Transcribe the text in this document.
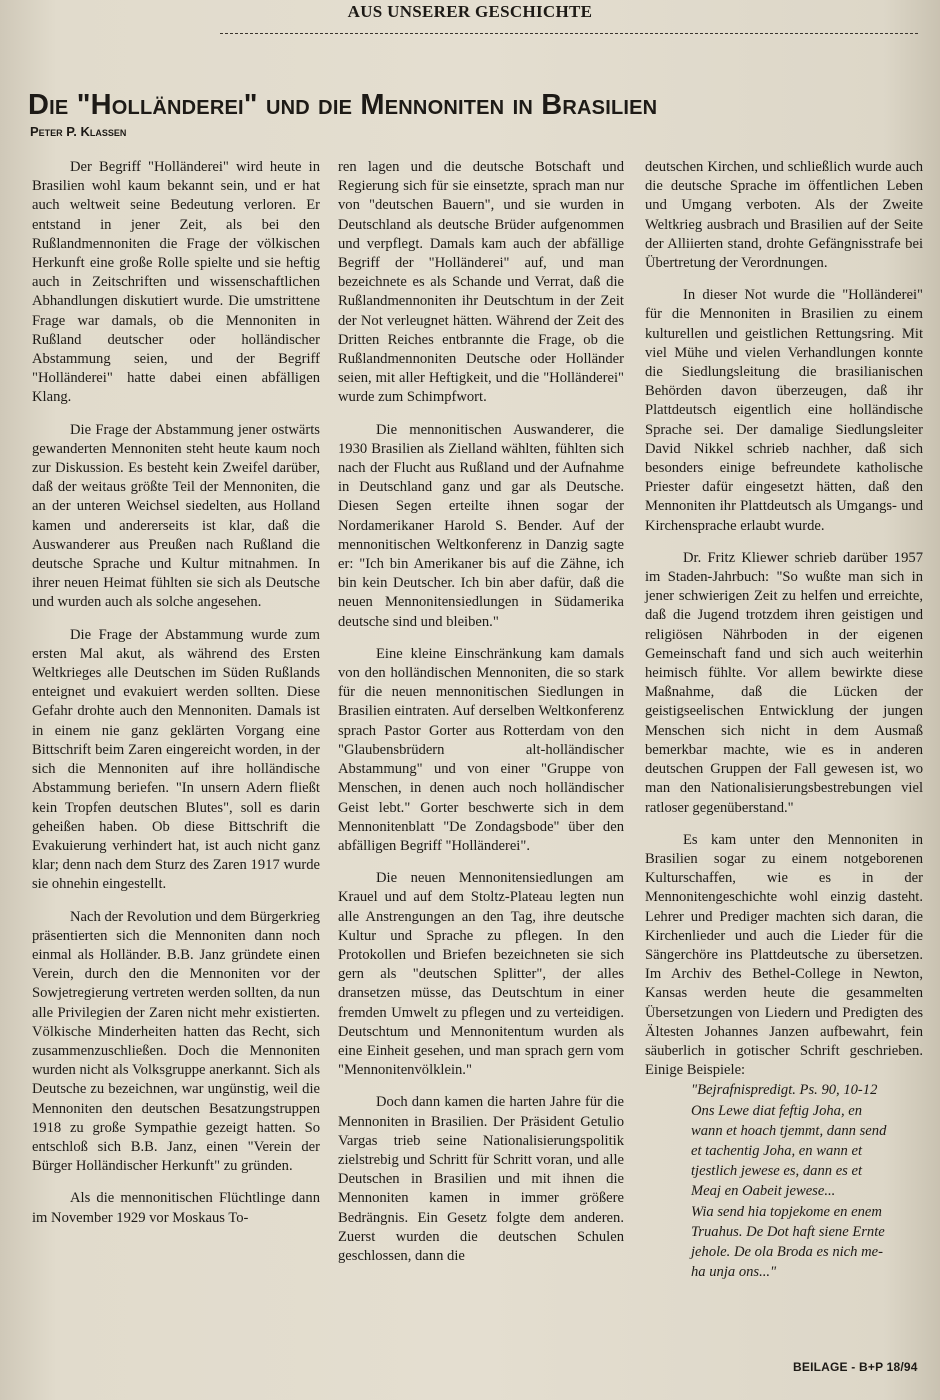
AUS UNSERER GESCHICHTE
Die "Holländerei" und die Mennoniten in Brasilien
Peter P. Klassen

Der Begriff "Holländerei" wird heute in Brasilien wohl kaum bekannt sein, und er hat auch weltweit seine Bedeutung verloren. Er entstand in jener Zeit, als bei den Rußlandmennoniten die Frage der völkischen Herkunft eine große Rolle spielte und sie heftig auch in Zeitschriften und wissenschaftlichen Abhandlungen diskutiert wurde. Die umstrittene Frage war damals, ob die Mennoniten in Rußland deutscher oder holländischer Abstammung seien, und der Begriff "Holländerei" hatte dabei einen abfälligen Klang.

Die Frage der Abstammung jener ostwärts gewanderten Mennoniten steht heute kaum noch zur Diskussion. Es besteht kein Zweifel darüber, daß der weitaus größte Teil der Mennoniten, die an der unteren Weichsel siedelten, aus Holland kamen und andererseits ist klar, daß die Auswanderer aus Preußen nach Rußland die deutsche Sprache und Kultur mitnahmen. In ihrer neuen Heimat fühlten sie sich als Deutsche und wurden auch als solche angesehen.

Die Frage der Abstammung wurde zum ersten Mal akut, als während des Ersten Weltkrieges alle Deutschen im Süden Rußlands enteignet und evakuiert werden sollten. Diese Gefahr drohte auch den Mennoniten. Damals ist in einem nie ganz geklärten Vorgang eine Bittschrift beim Zaren eingereicht worden, in der sich die Mennoniten auf ihre holländische Abstammung beriefen. "In unsern Adern fließt kein Tropfen deutschen Blutes", soll es darin geheißen haben. Ob diese Bittschrift die Evakuierung verhindert hat, ist auch nicht ganz klar; denn nach dem Sturz des Zaren 1917 wurde sie ohnehin eingestellt.

Nach der Revolution und dem Bürgerkrieg präsentierten sich die Mennoniten dann noch einmal als Holländer. B.B. Janz gründete einen Verein, durch den die Mennoniten vor der Sowjetregierung vertreten werden sollten, da nun alle Privilegien der Zaren nicht mehr existierten. Völkische Minderheiten hatten das Recht, sich zusammenzuschließen. Doch die Mennoniten wurden nicht als Volksgruppe anerkannt. Sich als Deutsche zu bezeichnen, war ungünstig, weil die Mennoniten den deutschen Besatzungstruppen 1918 zu große Sympathie gezeigt hatten. So entschloß sich B.B. Janz, einen "Verein der Bürger Holländischer Herkunft" zu gründen.

Als die mennonitischen Flüchtlinge dann im November 1929 vor Moskaus To-

ren lagen und die deutsche Botschaft und Regierung sich für sie einsetzte, sprach man nur von "deutschen Bauern", und sie wurden in Deutschland als deutsche Brüder aufgenommen und verpflegt. Damals kam auch der abfällige Begriff der "Holländerei" auf, und man bezeichnete es als Schande und Verrat, daß die Rußlandmennoniten ihr Deutschtum in der Zeit der Not verleugnet hätten. Während der Zeit des Dritten Reiches entbrannte die Frage, ob die Rußlandmennoniten Deutsche oder Holländer seien, mit aller Heftigkeit, und die "Holländerei" wurde zum Schimpfwort.

Die mennonitischen Auswanderer, die 1930 Brasilien als Zielland wählten, fühlten sich nach der Flucht aus Rußland und der Aufnahme in Deutschland ganz und gar als Deutsche. Diesen Segen erteilte ihnen sogar der Nordamerikaner Harold S. Bender. Auf der mennonitischen Weltkonferenz in Danzig sagte er: "Ich bin Amerikaner bis auf die Zähne, ich bin kein Deutscher. Ich bin aber dafür, daß die neuen Mennonitensiedlungen in Südamerika deutsche sind und bleiben."

Eine kleine Einschränkung kam damals von den holländischen Mennoniten, die so stark für die neuen mennonitischen Siedlungen in Brasilien eintraten. Auf derselben Weltkonferenz sprach Pastor Gorter aus Rotterdam von den "Glaubensbrüdern alt-holländischer Abstammung" und von einer "Gruppe von Menschen, in denen auch noch holländischer Geist lebt." Gorter beschwerte sich in dem Mennonitenblatt "De Zondagsbode" über den abfälligen Begriff "Holländerei".

Die neuen Mennonitensiedlungen am Krauel und auf dem Stoltz-Plateau legten nun alle Anstrengungen an den Tag, ihre deutsche Kultur und Sprache zu pflegen. In den Protokollen und Briefen bezeichneten sie sich gern als "deutschen Splitter", der alles dransetzen müsse, das Deutschtum in einer fremden Umwelt zu pflegen und zu verteidigen. Deutschtum und Mennonitentum wurden als eine Einheit gesehen, und man sprach gern vom "Mennonitenvölklein."

Doch dann kamen die harten Jahre für die Mennoniten in Brasilien. Der Präsident Getulio Vargas trieb seine Nationalisierungspolitik zielstrebig und Schritt für Schritt voran, und alle Deutschen in Brasilien und mit ihnen die Mennoniten kamen in immer größere Bedrängnis. Ein Gesetz folgte dem anderen. Zuerst wurden die deutschen Schulen geschlossen, dann die

deutschen Kirchen, und schließlich wurde auch die deutsche Sprache im öffentlichen Leben und Umgang verboten. Als der Zweite Weltkrieg ausbrach und Brasilien auf der Seite der Alliierten stand, drohte Gefängnisstrafe bei Übertretung der Verordnungen.

In dieser Not wurde die "Holländerei" für die Mennoniten in Brasilien zu einem kulturellen und geistlichen Rettungsring. Mit viel Mühe und vielen Verhandlungen konnte die Siedlungsleitung die brasilianischen Behörden davon überzeugen, daß ihr Plattdeutsch eigentlich eine holländische Sprache sei. Der damalige Siedlungsleiter David Nikkel schrieb nachher, daß sich besonders einige befreundete katholische Priester dafür eingesetzt hätten, daß den Mennoniten ihr Plattdeutsch als Umgangs- und Kirchensprache erlaubt wurde.

Dr. Fritz Kliewer schrieb darüber 1957 im Staden-Jahrbuch: "So wußte man sich in jener schwierigen Zeit zu helfen und erreichte, daß die Jugend trotzdem ihren geistigen und religiösen Nährboden in der eigenen Gemeinschaft fand und sich auch weiterhin heimisch fühlte. Vor allem bewirkte diese Maßnahme, daß die Lücken der geistigseelischen Entwicklung der jungen Menschen sich nicht in dem Ausmaß bemerkbar machte, wie es in anderen deutschen Gruppen der Fall gewesen ist, wo man den Nationalisierungsbestrebungen viel ratloser gegenüberstand."

Es kam unter den Mennoniten in Brasilien sogar zu einem notgeborenen Kulturschaffen, wie es in der Mennonitengeschichte wohl einzig dasteht. Lehrer und Prediger machten sich daran, die Kirchenlieder und auch die Lieder für die Sängerchöre ins Plattdeutsche zu übersetzen. Im Archiv des Bethel-College in Newton, Kansas werden heute die gesammelten Übersetzungen von Liedern und Predigten des Ältesten Johannes Janzen aufbewahrt, fein säuberlich in gotischer Schrift geschrieben. Einige Beispiele:

"Bejrafnispredigt. Ps. 90, 10-12
Ons Lewe diat feftig Joha, en
wann et hoach tjemmt, dann send
et tachentig Joha, en wann et
tjestlich jewese es, dann es et
Meaj en Oabeit jewese...
Wia send hia topjekome en enem
Truahus. De Dot haft siene Ernte
jehole. De ola Broda es nich me-
ha unja ons..."
BEILAGE - B+P 18/94
